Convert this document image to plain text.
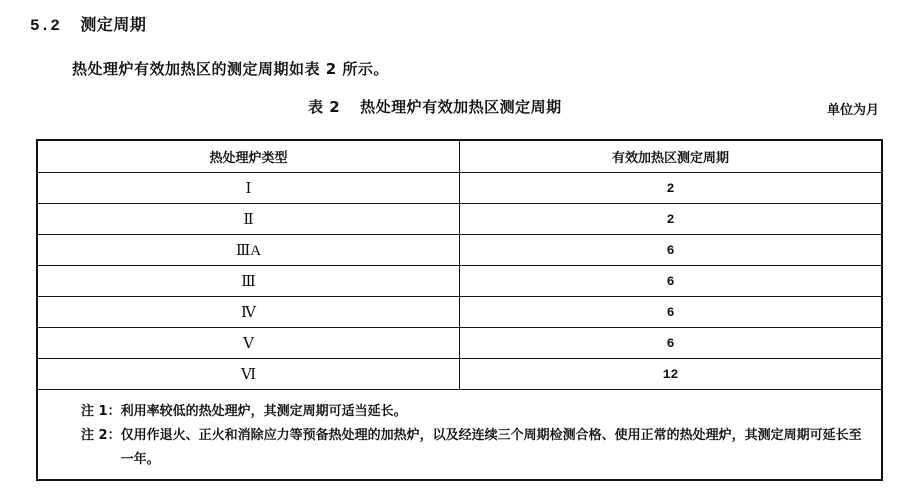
5.2 测定周期
热处理炉有效加热区的测定周期如表 2 所示。
表 2 热处理炉有效加热区测定周期	单位为月
热处理炉类型	有效加热区测定周期
Ⅰ	2
Ⅱ	2
ⅢA	6
Ⅲ	6
Ⅳ	6
Ⅴ	6
Ⅵ	12
注 1： 利用率较低的热处理炉，其测定周期可适当延长。
注 2： 仅用作退火、正火和消除应力等预备热处理的加热炉，以及经连续三个周期检测合格、使用正常的热处理炉，其测定周期可延长至一年。
